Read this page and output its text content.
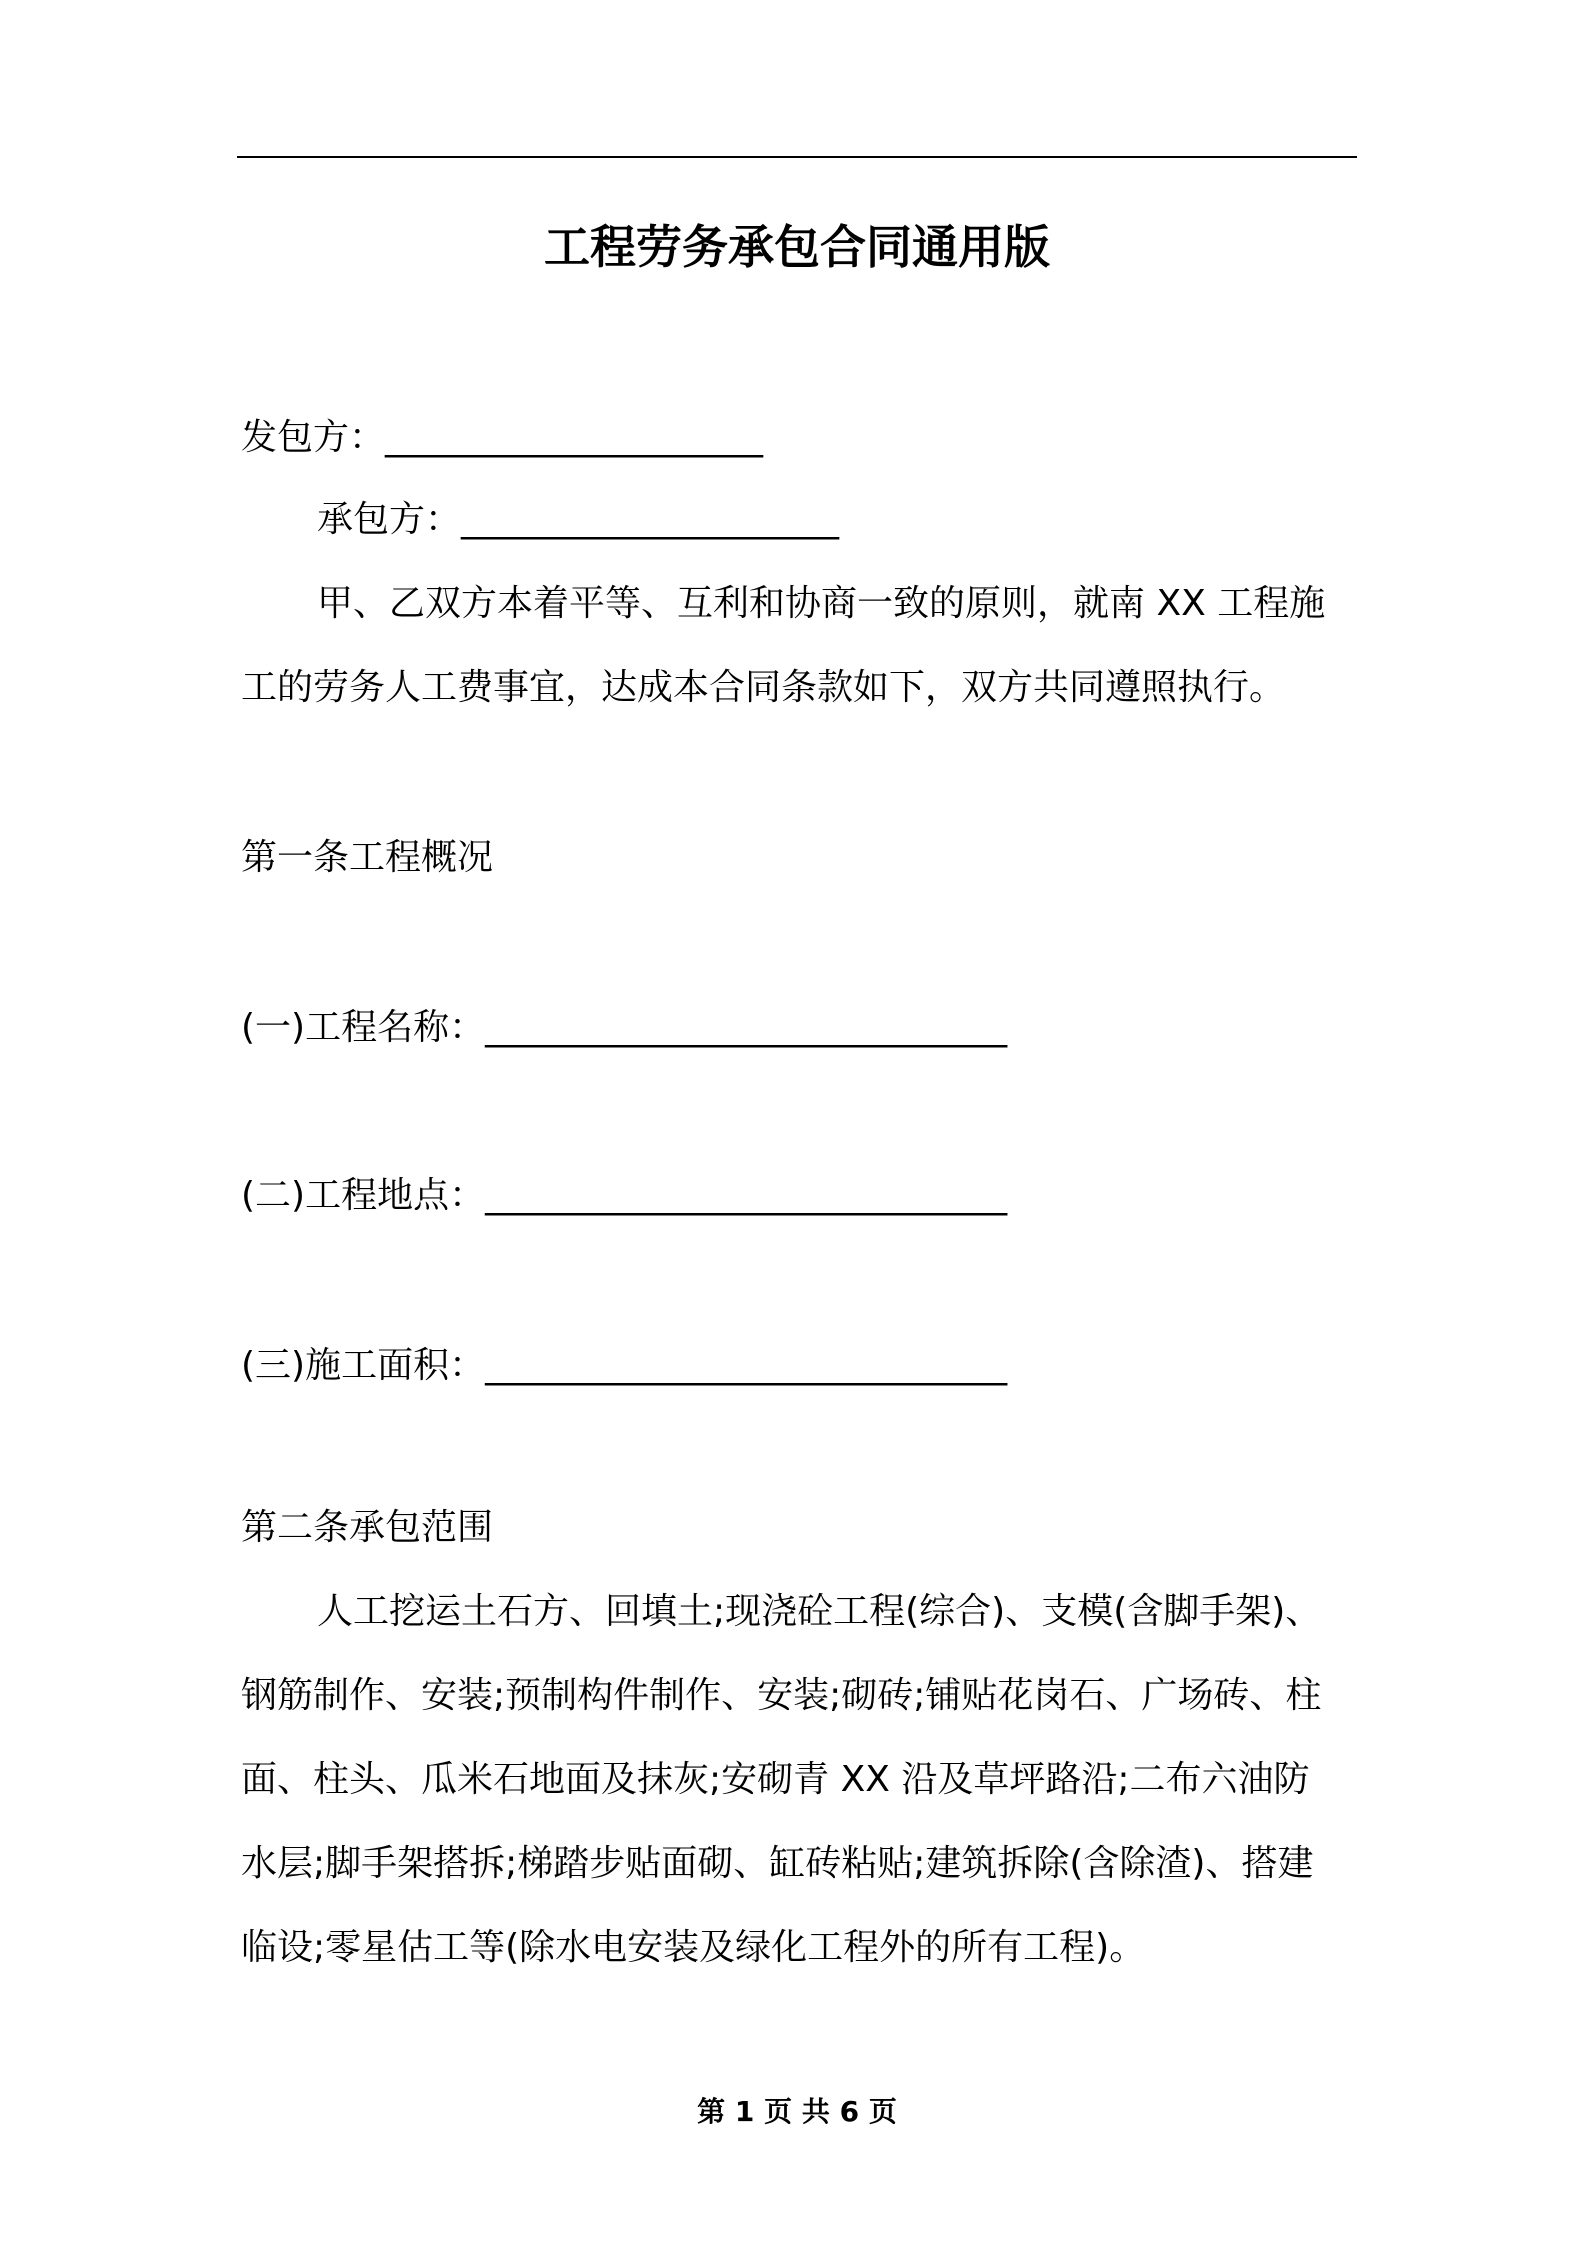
工程劳务承包合同通用版
发包方：_____________________
承包方：_____________________
甲、乙双方本着平等、互利和协商一致的原则，就南 XX 工程施
工的劳务人工费事宜，达成本合同条款如下，双方共同遵照执行。
第一条工程概况
(一)工程名称：_____________________________
(二)工程地点：_____________________________
(三)施工面积：_____________________________
第二条承包范围
人工挖运土石方、回填土;现浇砼工程(综合)、支模(含脚手架)、
钢筋制作、安装;预制构件制作、安装;砌砖;铺贴花岗石、广场砖、柱
面、柱头、瓜米石地面及抹灰;安砌青 XX 沿及草坪路沿;二布六油防
水层;脚手架搭拆;梯踏步贴面砌、缸砖粘贴;建筑拆除(含除渣)、搭建
临设;零星估工等(除水电安装及绿化工程外的所有工程)。
第 1 页 共 6 页
